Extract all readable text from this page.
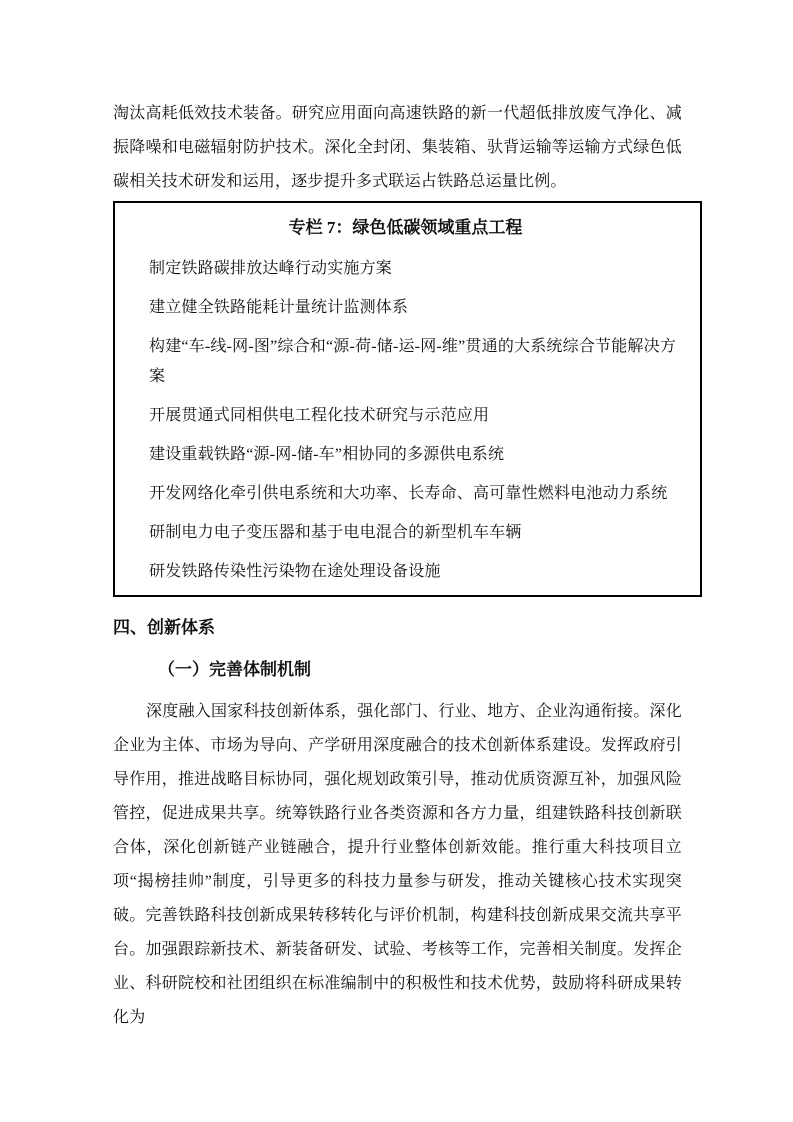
淘汰高耗低效技术装备。研究应用面向高速铁路的新一代超低排放废气净化、减振降噪和电磁辐射防护技术。深化全封闭、集装箱、驮背运输等运输方式绿色低碳相关技术研发和运用，逐步提升多式联运占铁路总运量比例。

专栏 7：绿色低碳领域重点工程
制定铁路碳排放达峰行动实施方案
建立健全铁路能耗计量统计监测体系
构建“车-线-网-图”综合和“源-荷-储-运-网-维”贯通的大系统综合节能解决方案
开展贯通式同相供电工程化技术研究与示范应用
建设重载铁路“源-网-储-车”相协同的多源供电系统
开发网络化牵引供电系统和大功率、长寿命、高可靠性燃料电池动力系统
研制电力电子变压器和基于电电混合的新型机车车辆
研发铁路传染性污染物在途处理设备设施
四、创新体系
（一）完善体制机制

深度融入国家科技创新体系，强化部门、行业、地方、企业沟通衔接。深化企业为主体、市场为导向、产学研用深度融合的技术创新体系建设。发挥政府引导作用，推进战略目标协同，强化规划政策引导，推动优质资源互补，加强风险管控，促进成果共享。统筹铁路行业各类资源和各方力量，组建铁路科技创新联合体，深化创新链产业链融合，提升行业整体创新效能。推行重大科技项目立项“揭榜挂帅”制度，引导更多的科技力量参与研发，推动关键核心技术实现突破。完善铁路科技创新成果转移转化与评价机制，构建科技创新成果交流共享平台。加强跟踪新技术、新装备研发、试验、考核等工作，完善相关制度。发挥企业、科研院校和社团组织在标准编制中的积极性和技术优势，鼓励将科研成果转化为
